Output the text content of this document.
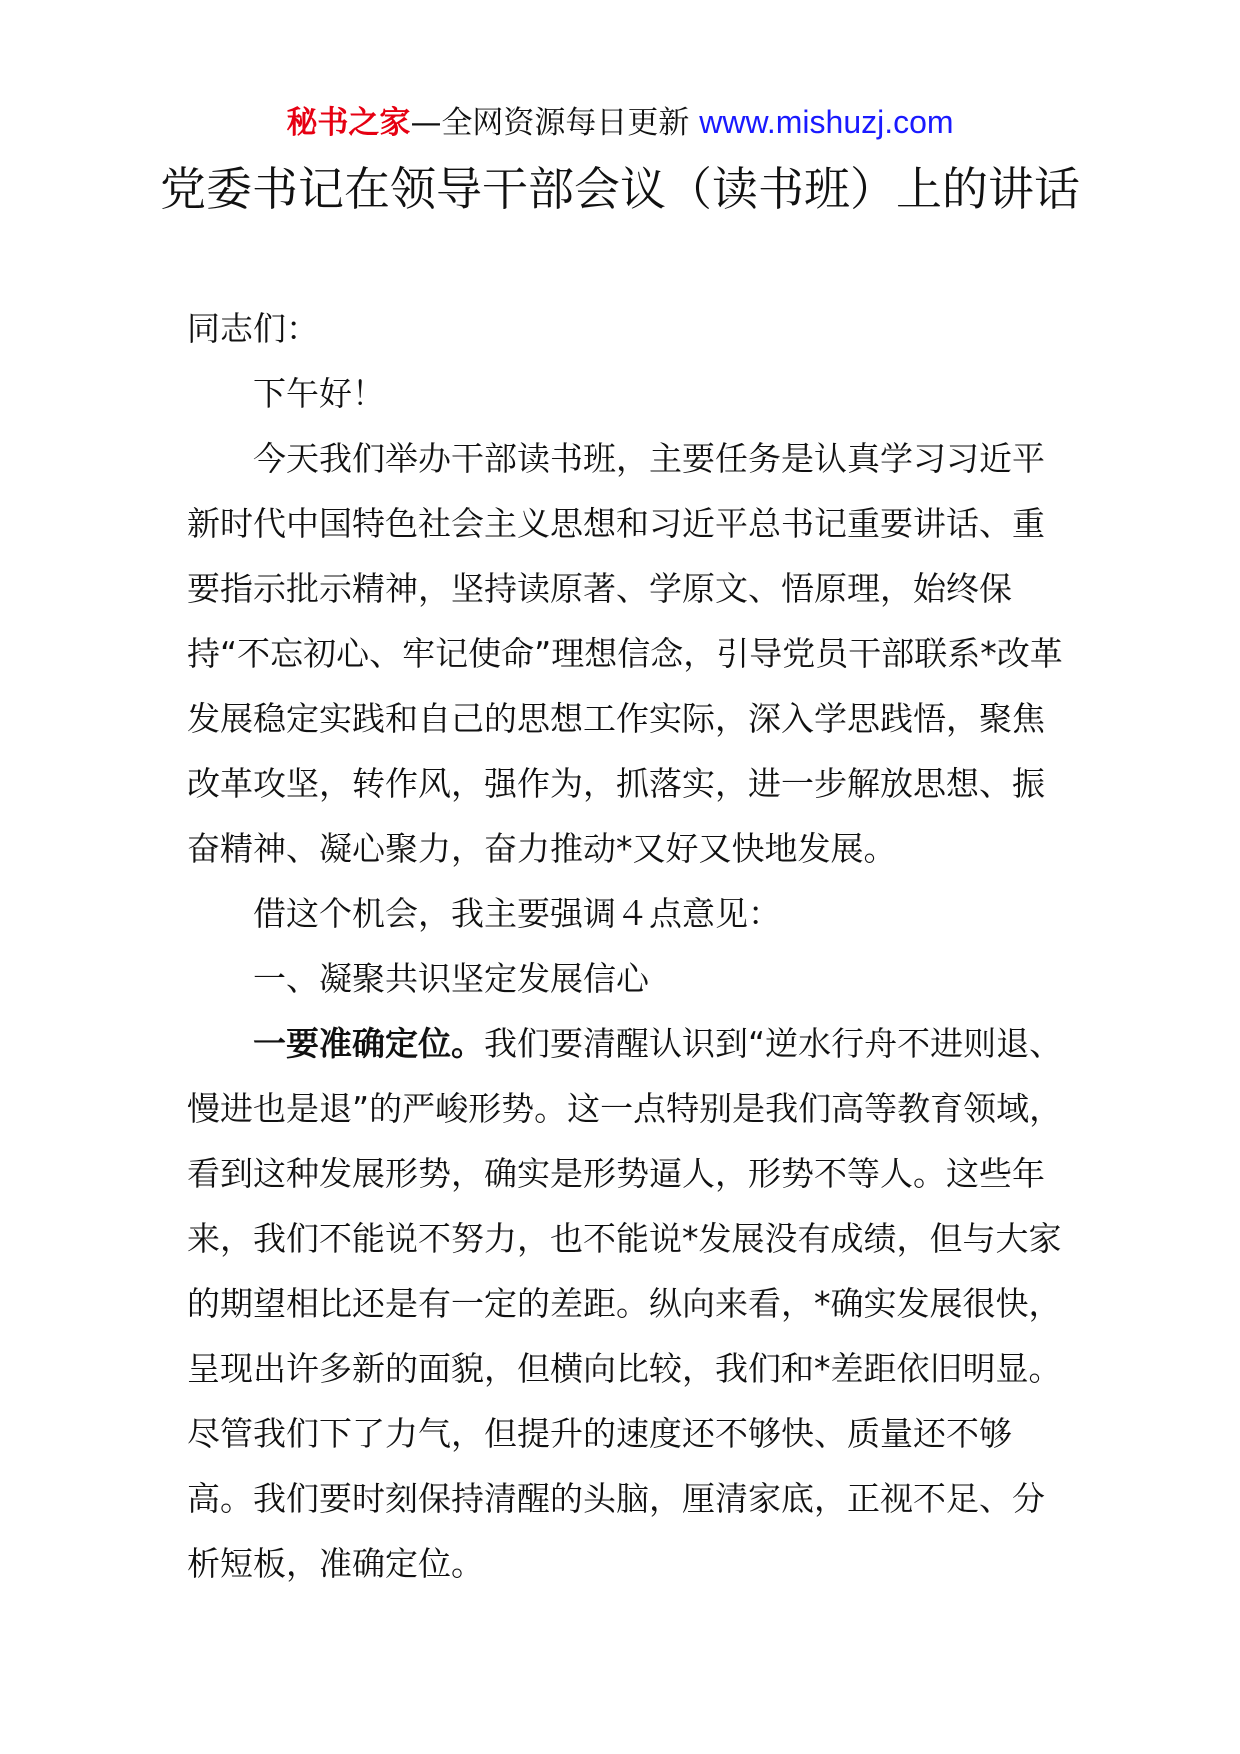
秘书之家—全网资源每日更新 www.mishuzj.com
党委书记在领导干部会议（读书班）上的讲话

同志们：

下午好！

今天我们举办干部读书班，主要任务是认真学习习近平新时代中国特色社会主义思想和习近平总书记重要讲话、重要指示批示精神，坚持读原著、学原文、悟原理，始终保持“不忘初心、牢记使命”理想信念，引导党员干部联系*改革发展稳定实践和自己的思想工作实际，深入学思践悟，聚焦改革攻坚，转作风，强作为，抓落实，进一步解放思想、振奋精神、凝心聚力，奋力推动*又好又快地发展。

借这个机会，我主要强调４点意见：

一、凝聚共识坚定发展信心

一要准确定位。我们要清醒认识到“逆水行舟不进则退、慢进也是退”的严峻形势。这一点特别是我们高等教育领域，看到这种发展形势，确实是形势逼人，形势不等人。这些年来，我们不能说不努力，也不能说*发展没有成绩，但与大家的期望相比还是有一定的差距。纵向来看，*确实发展很快，呈现出许多新的面貌，但横向比较，我们和*差距依旧明显。尽管我们下了力气，但提升的速度还不够快、质量还不够高。我们要时刻保持清醒的头脑，厘清家底，正视不足、分析短板，准确定位。
